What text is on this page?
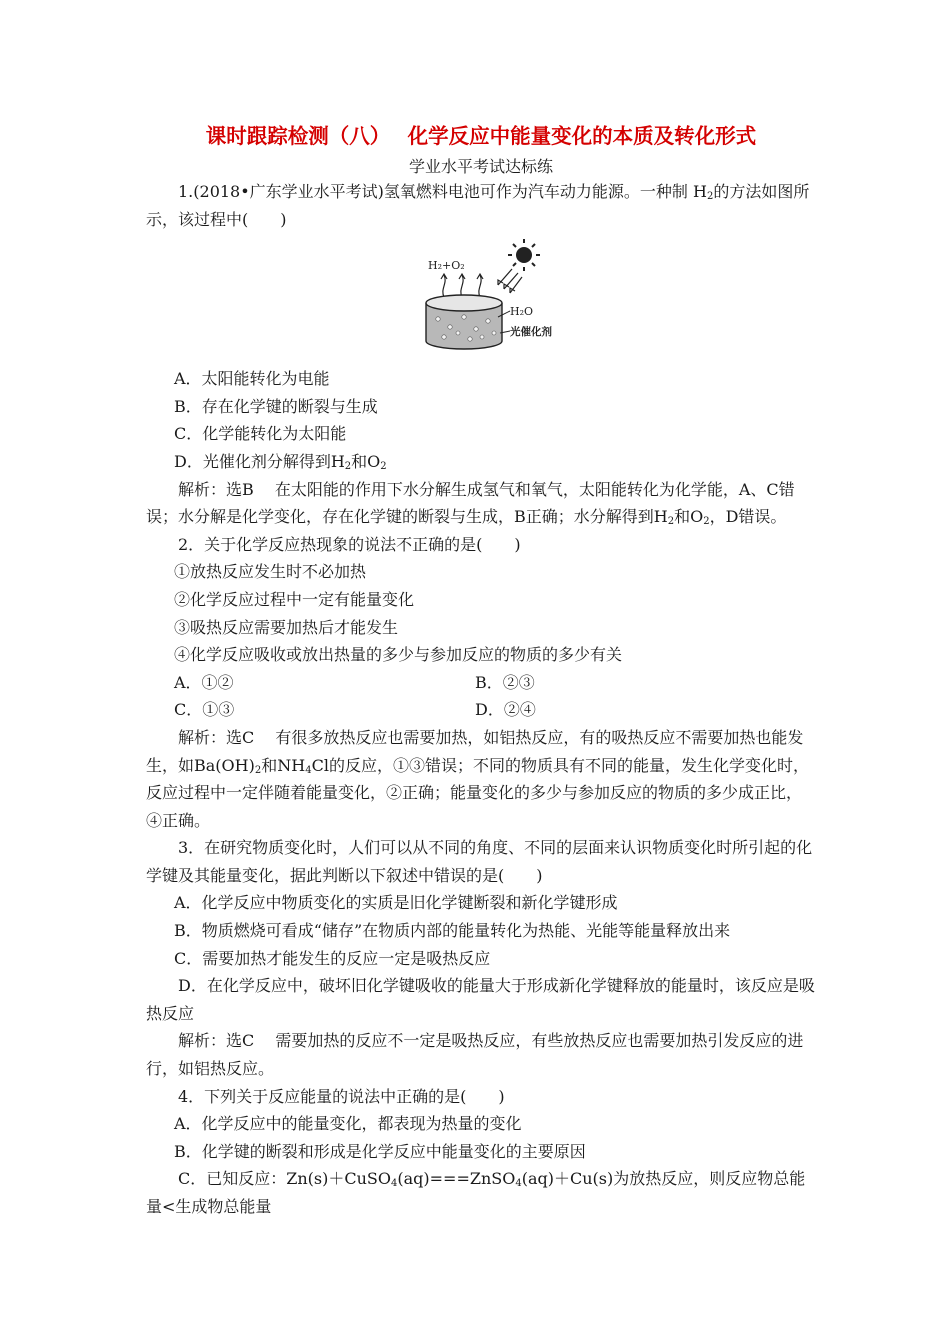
课时跟踪检测（八）　 化学反应中能量变化的本质及转化形式

学业水平考试达标练

1.(2018•广东学业水平考试)氢氧燃料电池可作为汽车动力能源。一种制 $H_2$的方法如图所示，该过程中(　　)

H₂+O₂
H₂O
光催化剂

A．太阳能转化为电能

B．存在化学键的断裂与生成

C．化学能转化为太阳能

D．光催化剂分解得到$H_2$和$O_2$

解析：选B　 在太阳能的作用下水分解生成氢气和氧气，太阳能转化为化学能，A、C错误；水分解是化学变化，存在化学键的断裂与生成，B正确；水分解得到$H_2$和$O_2$，D错误。

2．关于化学反应热现象的说法不正确的是(　　)

①放热反应发生时不必加热

②化学反应过程中一定有能量变化

③吸热反应需要加热后才能发生

④化学反应吸收或放出热量的多少与参加反应的物质的多少有关

A．①②	B．②③

C．①③	D．②④

解析：选C　 有很多放热反应也需要加热，如铝热反应，有的吸热反应不需要加热也能发生，如$Ba(OH)_2$和$NH_4Cl$的反应，①③错误；不同的物质具有不同的能量，发生化学变化时，反应过程中一定伴随着能量变化，②正确；能量变化的多少与参加反应的物质的多少成正比，④正确。

3．在研究物质变化时，人们可以从不同的角度、不同的层面来认识物质变化时所引起的化学键及其能量变化，据此判断以下叙述中错误的是(　　)

A．化学反应中物质变化的实质是旧化学键断裂和新化学键形成

B．物质燃烧可看成“储存”在物质内部的能量转化为热能、光能等能量释放出来

C．需要加热才能发生的反应一定是吸热反应

D．在化学反应中，破坏旧化学键吸收的能量大于形成新化学键释放的能量时，该反应是吸热反应

解析：选C　 需要加热的反应不一定是吸热反应，有些放热反应也需要加热引发反应的进行，如铝热反应。

4．下列关于反应能量的说法中正确的是(　　)

A．化学反应中的能量变化，都表现为热量的变化

B．化学键的断裂和形成是化学反应中能量变化的主要原因

C．已知反应：Zn(s)＋CuSO$_4$(aq)===ZnSO$_4$(aq)＋Cu(s)为放热反应，则反应物总能量<生成物总能量
